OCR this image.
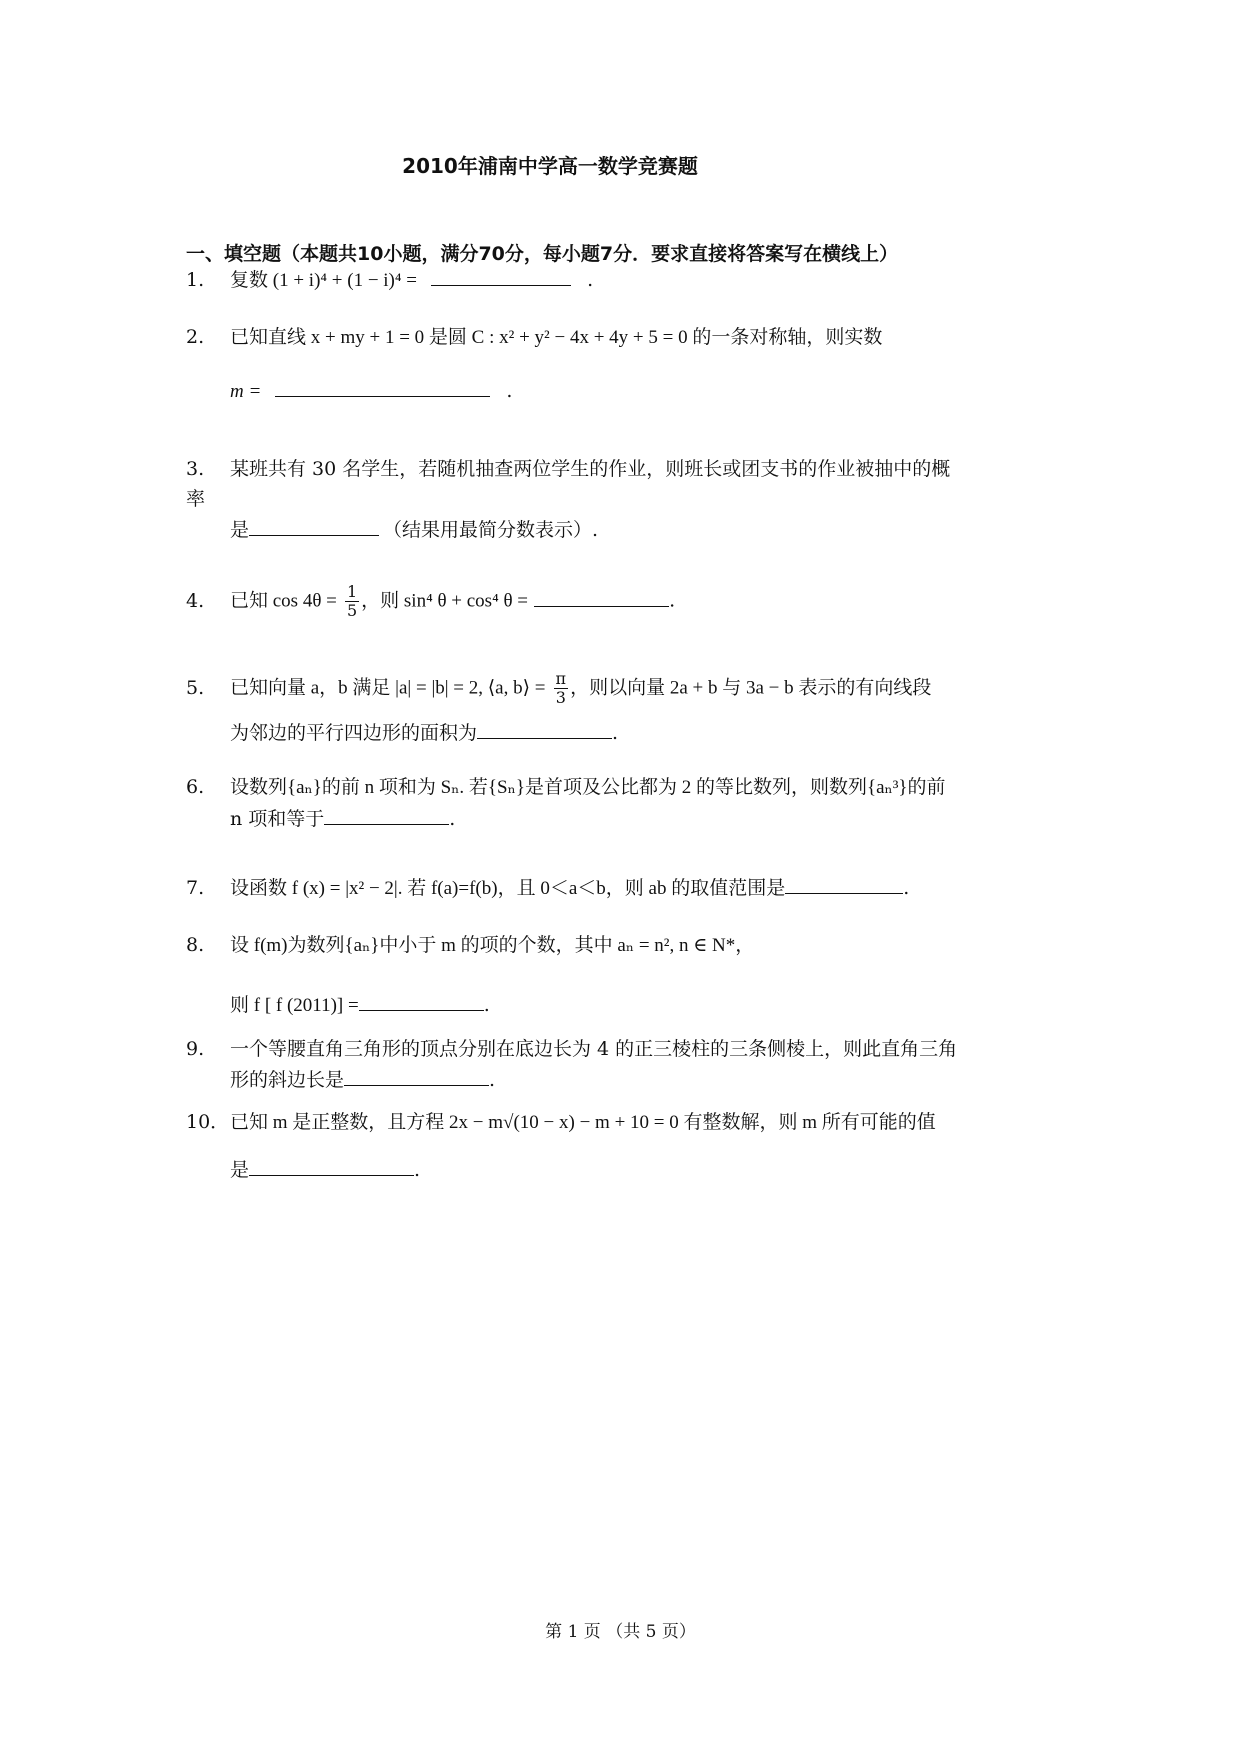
2010年浦南中学高一数学竞赛题
一、填空题（本题共10小题，满分70分，每小题7分．要求直接将答案写在横线上）
1. 复数 (1 + i)⁴ + (1 − i)⁴ =	.
2. 已知直线 x + my + 1 = 0 是圆 C : x² + y² − 4x + 4y + 5 = 0 的一条对称轴，则实数
m =	.
3. 某班共有 30 名学生，若随机抽查两位学生的作业，则班长或团支书的作业被抽中的概
率
是	（结果用最简分数表示）.
4. 已知 $\cos 4\theta = \frac{1}{5}$ ，则 sin⁴ θ + cos⁴ θ =	.
5. 已知向量 a，b 满足 |a| = |b| = 2, ⟨a, b⟩ = $\frac{\pi}{3}$ ，则以向量 2a + b 与 3a − b 表示的有向线段
为邻边的平行四边形的面积为	.
6. 设数列{aₙ}的前 n 项和为 Sₙ. 若{Sₙ}是首项及公比都为 2 的等比数列，则数列{aₙ³}的前
n 项和等于	.
7. 设函数 f (x) = |x² − 2|. 若 f(a)=f(b)，且 0＜a＜b，则 ab 的取值范围是	.
8. 设 f(m)为数列{aₙ}中小于 m 的项的个数，其中 aₙ = n², n ∈ N*，
则 f [ f (2011)] =	.
9. 一个等腰直角三角形的顶点分别在底边长为 4 的正三棱柱的三条侧棱上，则此直角三角
形的斜边长是	.
10．已知 m 是正整数，且方程 2x − m√(10 − x) − m + 10 = 0 有整数解，则 m 所有可能的值
是	.
第 1 页 （共 5 页）
